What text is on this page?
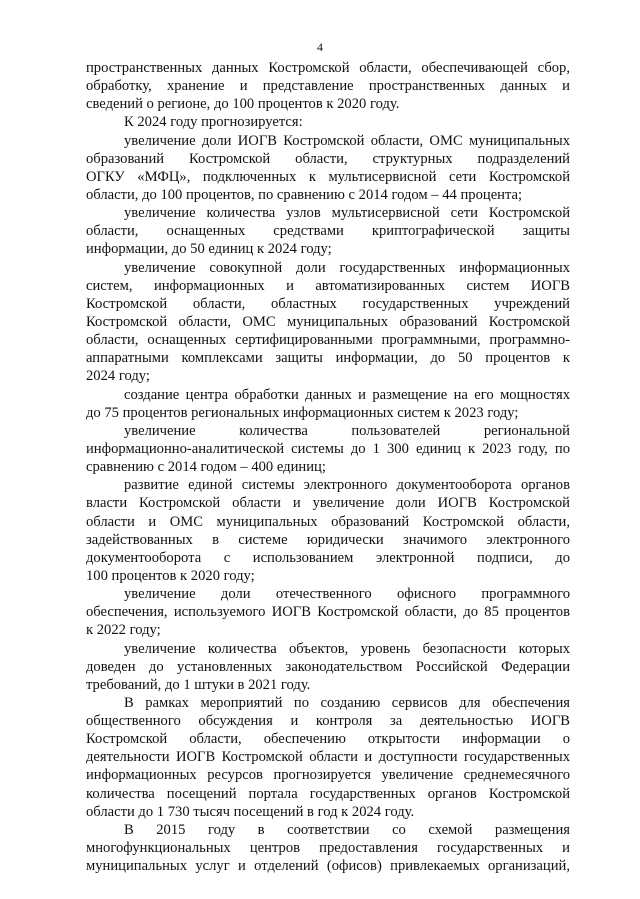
4
пространственных данных Костромской области, обеспечивающей сбор,
обработку, хранение и представление пространственных данных и
сведений о регионе, до 100 процентов к 2020 году.
К 2024 году прогнозируется:
увеличение доли ИОГВ Костромской области, ОМС муниципальных
образований Костромской области, структурных подразделений
ОГКУ «МФЦ», подключенных к мультисервисной сети Костромской
области, до 100 процентов, по сравнению с 2014 годом – 44 процента;
увеличение количества узлов мультисервисной сети Костромской
области, оснащенных средствами криптографической защиты
информации, до 50 единиц к 2024 году;
увеличение совокупной доли государственных информационных
систем, информационных и автоматизированных систем ИОГВ
Костромской области, областных государственных учреждений
Костромской области, ОМС муниципальных образований Костромской
области, оснащенных сертифицированными программными, программно-
аппаратными комплексами защиты информации, до 50 процентов к
2024 году;
создание центра обработки данных и размещение на его мощностях
до 75 процентов региональных информационных систем к 2023 году;
увеличение количества пользователей региональной
информационно-аналитической системы до 1 300 единиц к 2023 году, по
сравнению с 2014 годом – 400 единиц;
развитие единой системы электронного документооборота органов
власти Костромской области и увеличение доли ИОГВ Костромской
области и ОМС муниципальных образований Костромской области,
задействованных в системе юридически значимого электронного
документооборота с использованием электронной подписи, до
100 процентов к 2020 году;
увеличение доли отечественного офисного программного
обеспечения, используемого ИОГВ Костромской области, до 85 процентов
к 2022 году;
увеличение количества объектов, уровень безопасности которых
доведен до установленных законодательством Российской Федерации
требований, до 1 штуки в 2021 году.
В рамках мероприятий по созданию сервисов для обеспечения
общественного обсуждения и контроля за деятельностью ИОГВ
Костромской области, обеспечению открытости информации о
деятельности ИОГВ Костромской области и доступности государственных
информационных ресурсов прогнозируется увеличение среднемесячного
количества посещений портала государственных органов Костромской
области до 1 730 тысяч посещений в год к 2024 году.
В 2015 году в соответствии со схемой размещения
многофункциональных центров предоставления государственных и
муниципальных услуг и отделений (офисов) привлекаемых организаций,
